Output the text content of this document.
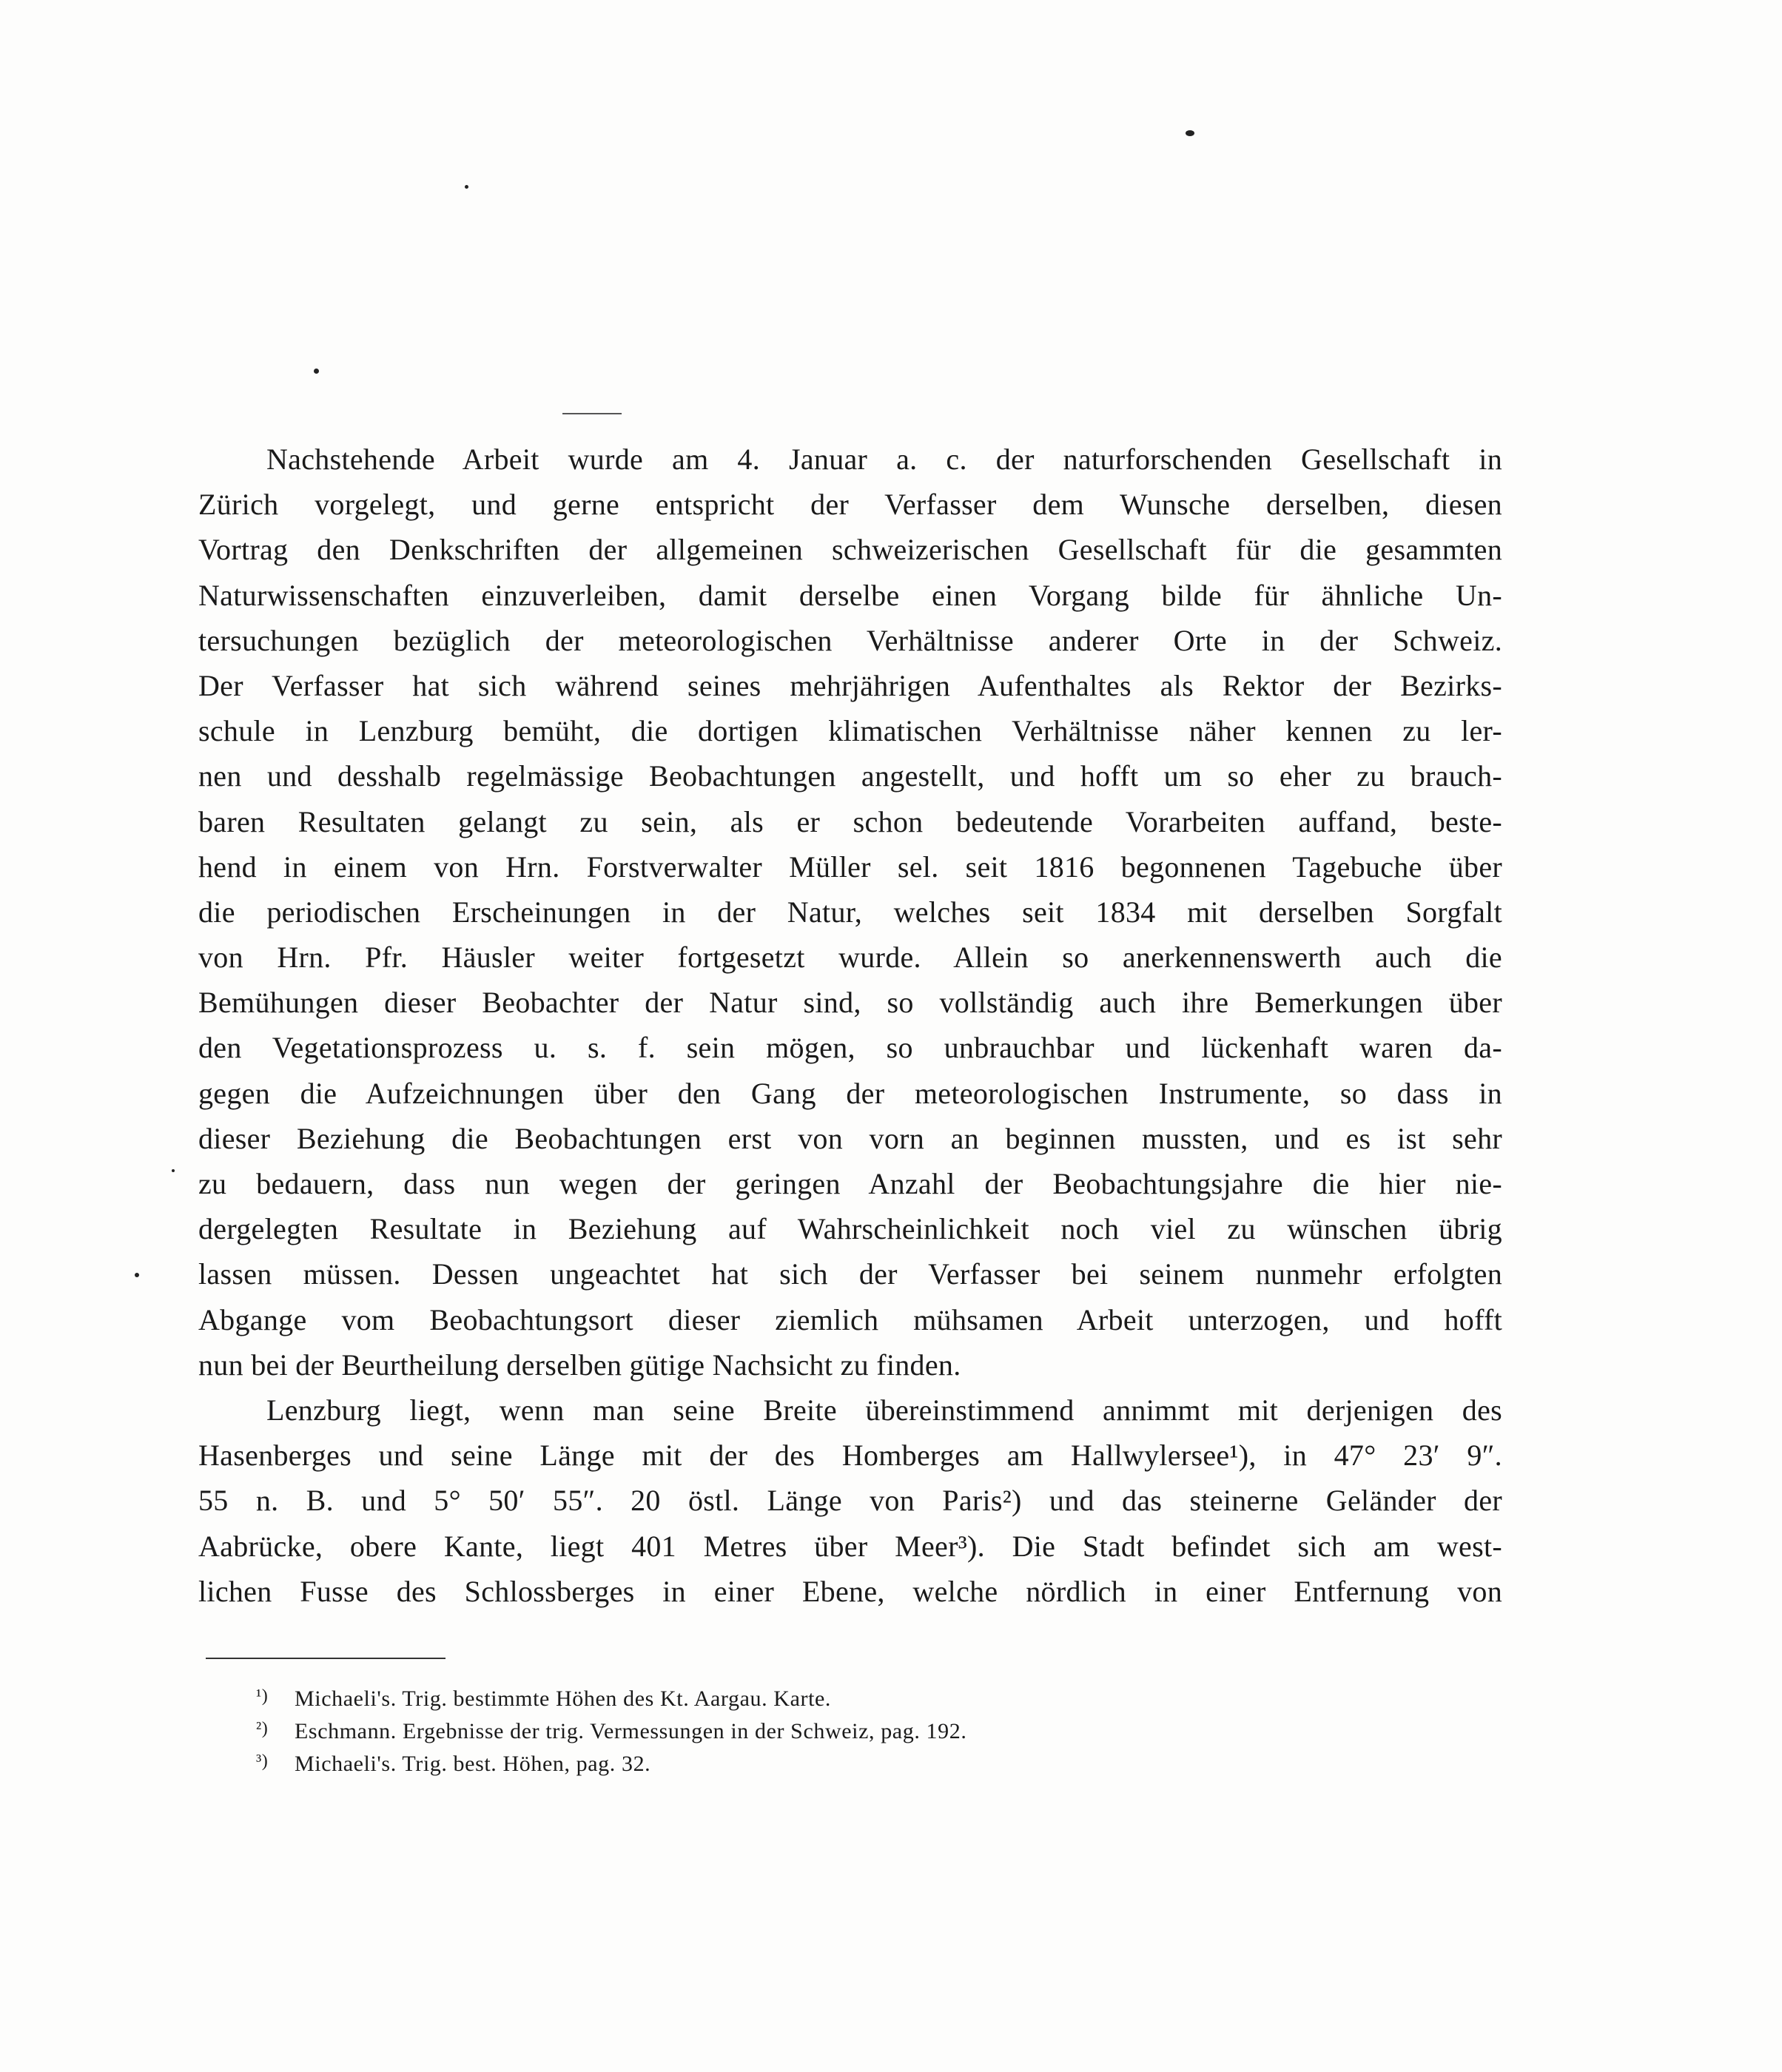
Nachstehende Arbeit wurde am 4. Januar a. c. der naturforschenden Gesellschaft in
Zürich vorgelegt, und gerne entspricht der Verfasser dem Wunsche derselben, diesen
Vortrag den Denkschriften der allgemeinen schweizerischen Gesellschaft für die gesammten
Naturwissenschaften einzuverleiben, damit derselbe einen Vorgang bilde für ähnliche Un-
tersuchungen bezüglich der meteorologischen Verhältnisse anderer Orte in der Schweiz.
Der Verfasser hat sich während seines mehrjährigen Aufenthaltes als Rektor der Bezirks-
schule in Lenzburg bemüht, die dortigen klimatischen Verhältnisse näher kennen zu ler-
nen und desshalb regelmässige Beobachtungen angestellt, und hofft um so eher zu brauch-
baren Resultaten gelangt zu sein, als er schon bedeutende Vorarbeiten auffand, beste-
hend in einem von Hrn. Forstverwalter Müller sel. seit 1816 begonnenen Tagebuche über
die periodischen Erscheinungen in der Natur, welches seit 1834 mit derselben Sorgfalt
von Hrn. Pfr. Häusler weiter fortgesetzt wurde. Allein so anerkennenswerth auch die
Bemühungen dieser Beobachter der Natur sind, so vollständig auch ihre Bemerkungen über
den Vegetationsprozess u. s. f. sein mögen, so unbrauchbar und lückenhaft waren da-
gegen die Aufzeichnungen über den Gang der meteorologischen Instrumente, so dass in
dieser Beziehung die Beobachtungen erst von vorn an beginnen mussten, und es ist sehr
zu bedauern, dass nun wegen der geringen Anzahl der Beobachtungsjahre die hier nie-
dergelegten Resultate in Beziehung auf Wahrscheinlichkeit noch viel zu wünschen übrig
lassen müssen. Dessen ungeachtet hat sich der Verfasser bei seinem nunmehr erfolgten
Abgange vom Beobachtungsort dieser ziemlich mühsamen Arbeit unterzogen, und hofft
nun bei der Beurtheilung derselben gütige Nachsicht zu finden.
Lenzburg liegt, wenn man seine Breite übereinstimmend annimmt mit derjenigen des
Hasenberges und seine Länge mit der des Homberges am Hallwylersee¹), in 47° 23′ 9″.
55 n. B. und 5° 50′ 55″. 20 östl. Länge von Paris²) und das steinerne Geländer der
Aabrücke, obere Kante, liegt 401 Metres über Meer³). Die Stadt befindet sich am west-
lichen Fusse des Schlossberges in einer Ebene, welche nördlich in einer Entfernung von
¹) Michaeli's. Trig. bestimmte Höhen des Kt. Aargau. Karte.
²) Eschmann. Ergebnisse der trig. Vermessungen in der Schweiz, pag. 192.
³) Michaeli's. Trig. best. Höhen, pag. 32.
